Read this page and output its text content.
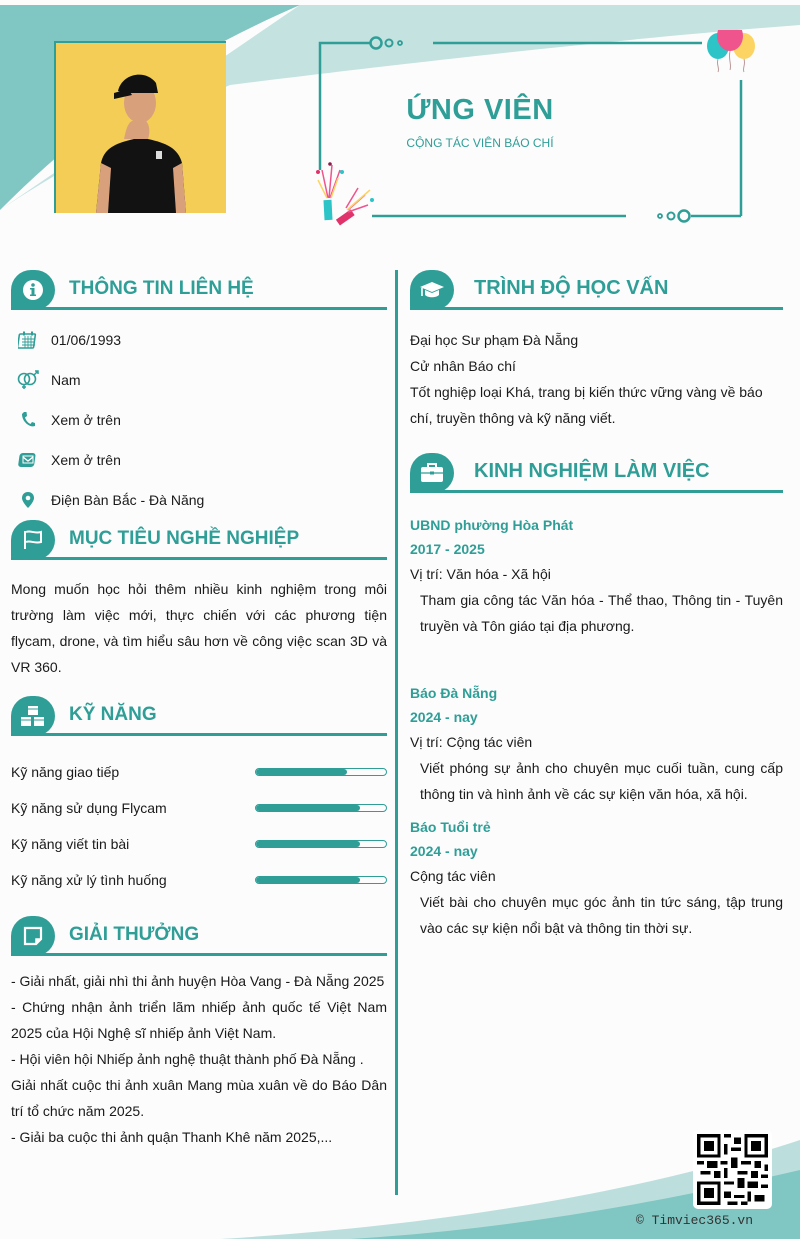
ỨNG VIÊN
CỘNG TÁC VIÊN BÁO CHÍ
THÔNG TIN LIÊN HỆ
01/06/1993
Nam
Xem ở trên
Xem ở trên
Điện Bàn Bắc - Đà Năng
MỤC TIÊU NGHỀ NGHIỆP

Mong muốn học hỏi thêm nhiều kinh nghiệm trong môi trường làm việc mới, thực chiến với các phương tiện flycam, drone, và tìm hiểu sâu hơn về công việc scan 3D và VR 360.

KỸ NĂNG
Kỹ năng giao tiếp
Kỹ năng sử dụng Flycam
Kỹ năng viết tin bài
Kỹ năng xử lý tình huống
GIẢI THƯỞNG

- Giải nhất, giải nhì thi ảnh huyện Hòa Vang - Đà Nẵng 2025

- Chứng nhận ảnh triển lãm nhiếp ảnh quốc tế Việt Nam 2025 của Hội Nghệ sĩ nhiếp ảnh Việt Nam.

- Hội viên hội Nhiếp ảnh nghệ thuật thành phố Đà Nẵng .

Giải nhất cuộc thi ảnh xuân Mang mùa xuân về do Báo Dân trí tổ chức năm 2025.

- Giải ba cuộc thi ảnh quận Thanh Khê năm 2025,...

TRÌNH ĐỘ HỌC VẤN

Đại học Sư phạm Đà Nẵng

Cử nhân Báo chí

Tốt nghiệp loại Khá, trang bị kiến thức vững vàng về báo chí, truyền thông và kỹ năng viết.

KINH NGHIỆM LÀM VIỆC
UBND phường Hòa Phát
2017 - 2025
Vị trí: Văn hóa - Xã hội
Tham gia công tác Văn hóa - Thể thao, Thông tin - Tuyên truyền và Tôn giáo tại địa phương.
Báo Đà Nẵng
2024 - nay
Vị trí: Cộng tác viên
Viết phóng sự ảnh cho chuyên mục cuối tuần, cung cấp thông tin và hình ảnh về các sự kiện văn hóa, xã hội.
Báo Tuổi trẻ
2024 - nay
Cộng tác viên
Viết bài cho chuyên mục góc ảnh tin tức sáng, tập trung vào các sự kiện nổi bật và thông tin thời sự.
© Timviec365.vn
